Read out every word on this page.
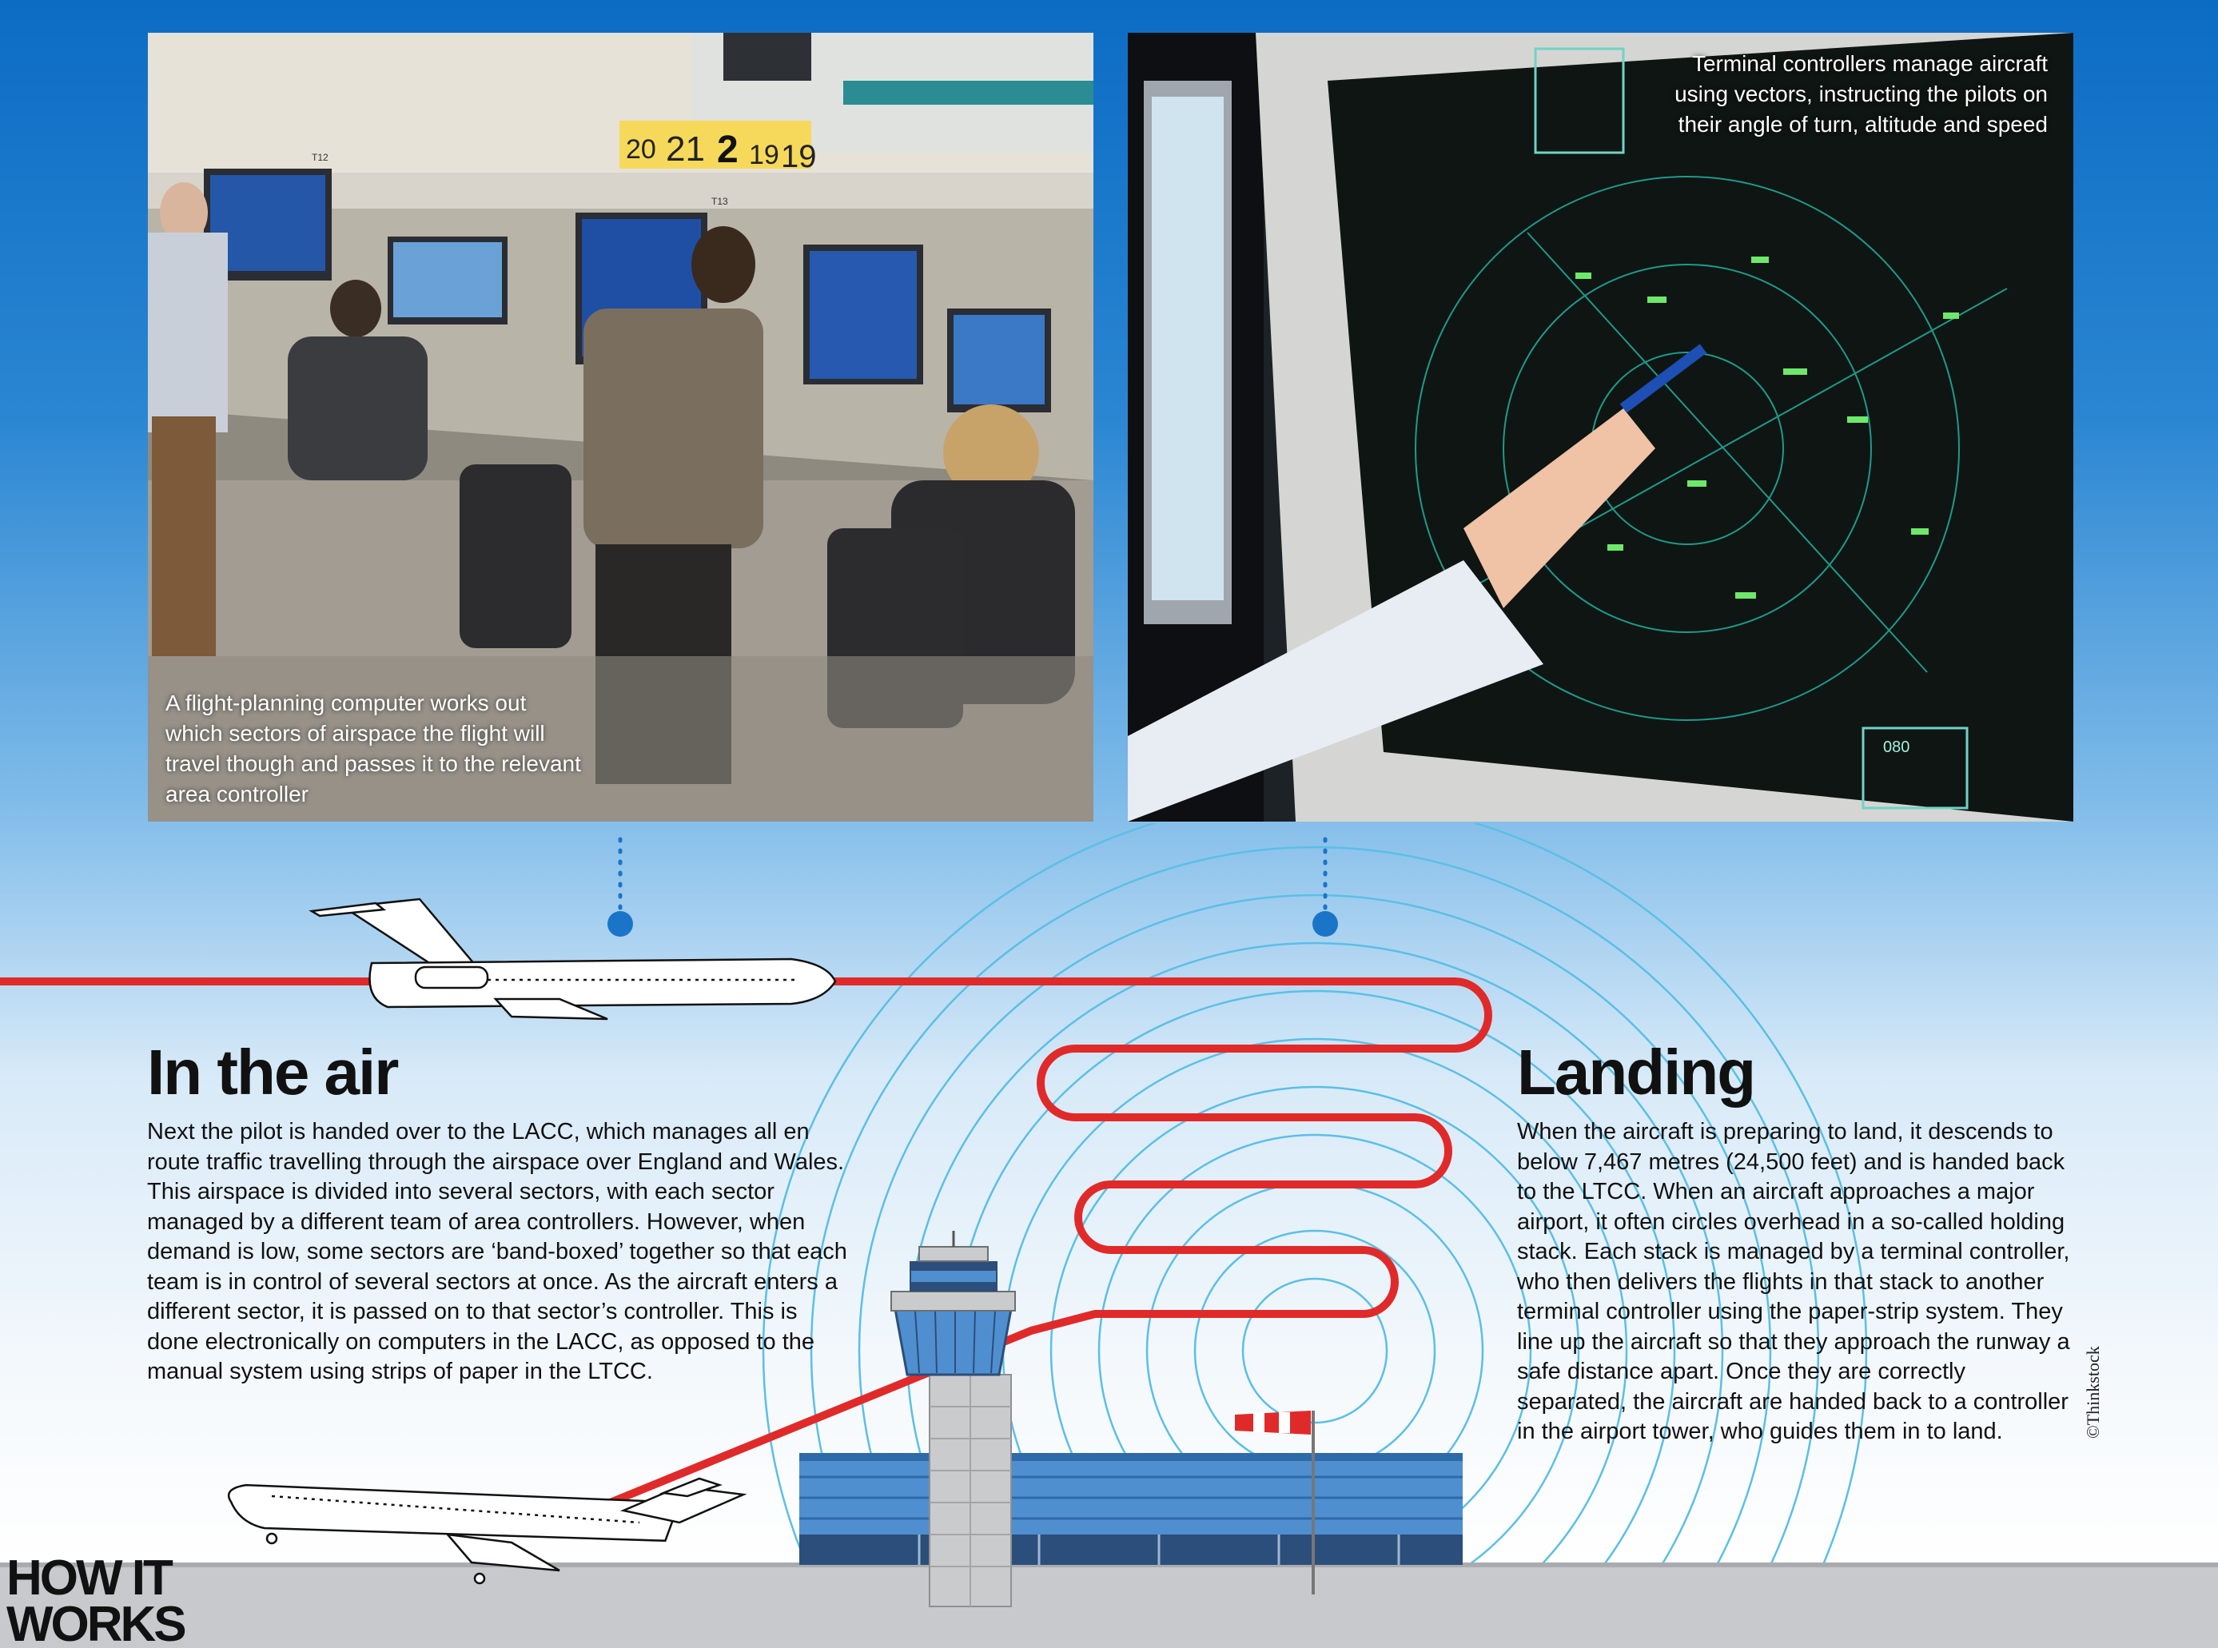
20 21 2 19 19
T12
T13
A flight-planning computer works out which sectors of airspace the flight will travel though and passes it to the relevant area controller
080
Terminal controllers manage aircraft using vectors, instructing the pilots on their angle of turn, altitude and speed
In the air

Next the pilot is handed over to the LACC, which manages all en route traffic travelling through the airspace over England and Wales. This airspace is divided into several sectors, with each sector managed by a different team of area controllers. However, when demand is low, some sectors are ‘band-boxed’ together so that each team is in control of several sectors at once. As the aircraft enters a different sector, it is passed on to that sector’s controller. This is done electronically on computers in the LACC, as opposed to the manual system using strips of paper in the LTCC.

Landing

When the aircraft is preparing to land, it descends to below 7,467 metres (24,500 feet) and is handed back to the LTCC. When an aircraft approaches a major airport, it often circles overhead in a so-called holding stack. Each stack is managed by a terminal controller, who then delivers the flights in that stack to another terminal controller using the paper-strip system. They line up the aircraft so that they approach the runway a safe distance apart. Once they are correctly separated, the aircraft are handed back to a controller in the airport tower, who guides them in to land.

HOW IT
WORKS
©Thinkstock
